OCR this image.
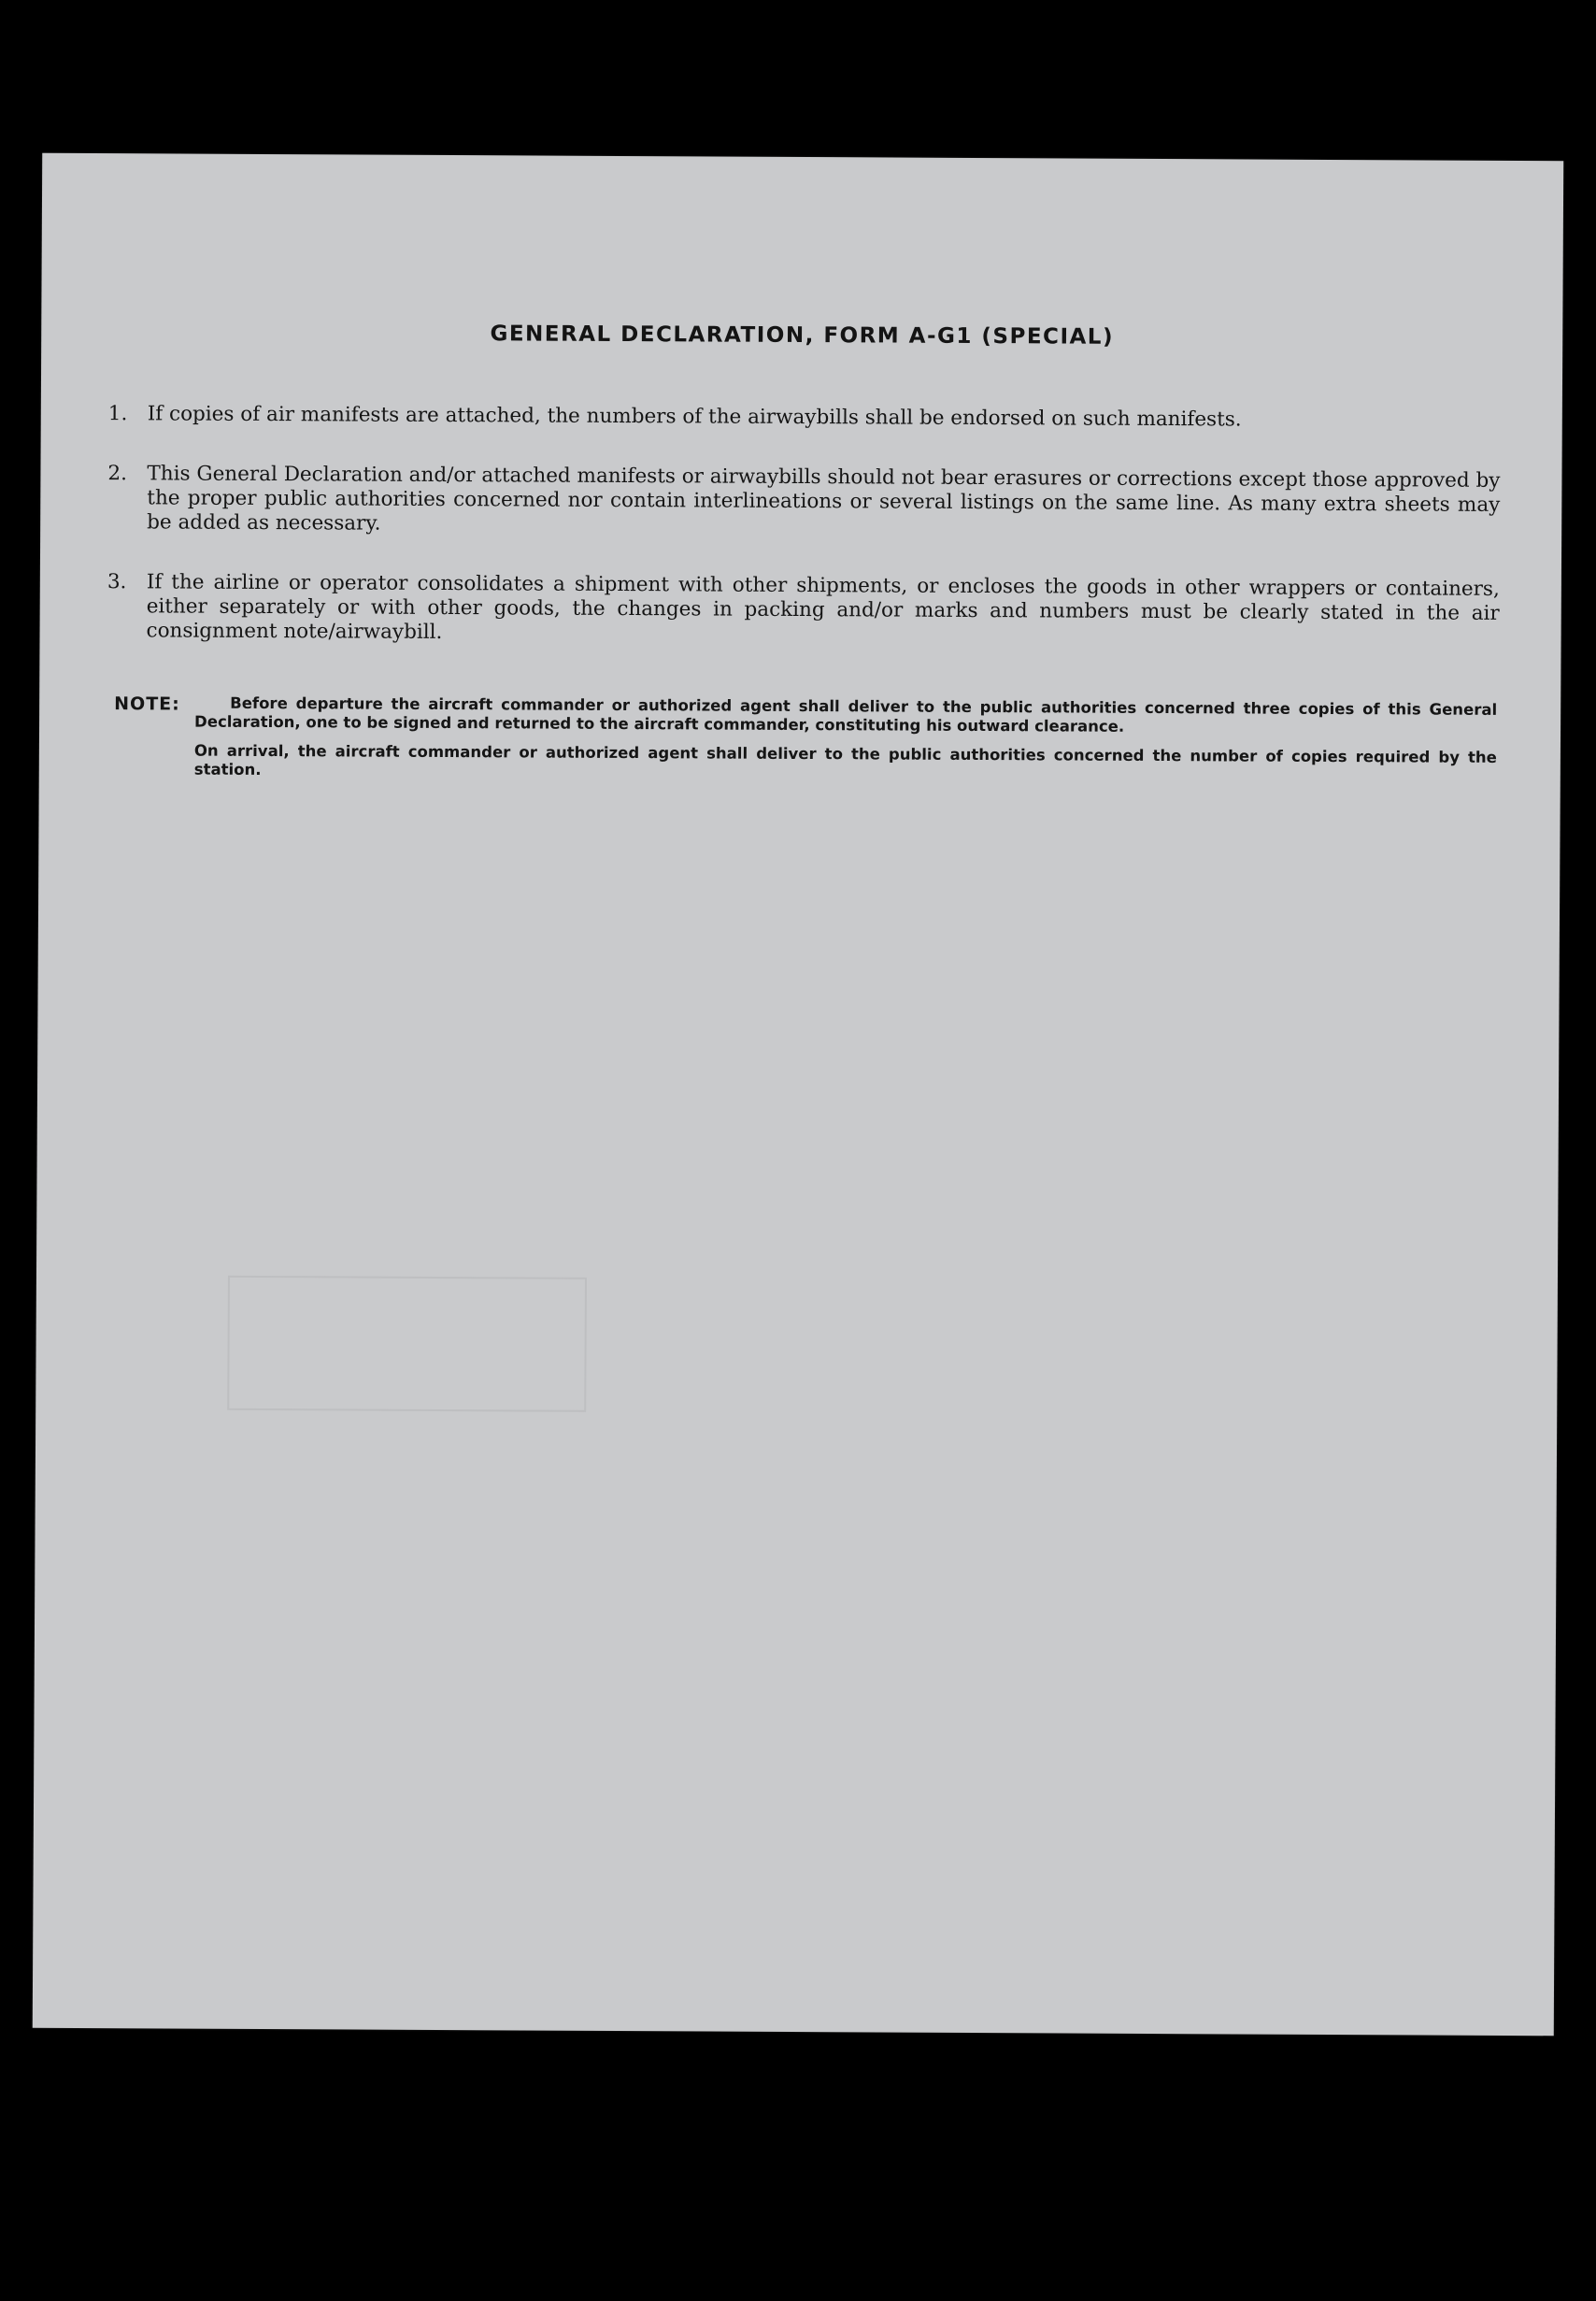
GENERAL DECLARATION, FORM A-G1 (SPECIAL)
1. If copies of air manifests are attached, the numbers of the airwaybills shall be endorsed on such manifests.
2. This General Declaration and/or attached manifests or airwaybills should not bear erasures or corrections except those approved by the proper public authorities concerned nor contain interlineations or several listings on the same line. As many extra sheets may be added as necessary.
3. If the airline or operator consolidates a shipment with other shipments, or encloses the goods in other wrappers or containers, either separately or with other goods, the changes in packing and/or marks and numbers must be clearly stated in the air consignment note/airwaybill.
NOTE:	Before departure the aircraft commander or authorized agent shall deliver to the public authorities concerned three copies of this General Declaration, one to be signed and returned to the aircraft commander, constituting his outward clearance.
On arrival, the aircraft commander or authorized agent shall deliver to the public authorities concerned the number of copies required by the station.
